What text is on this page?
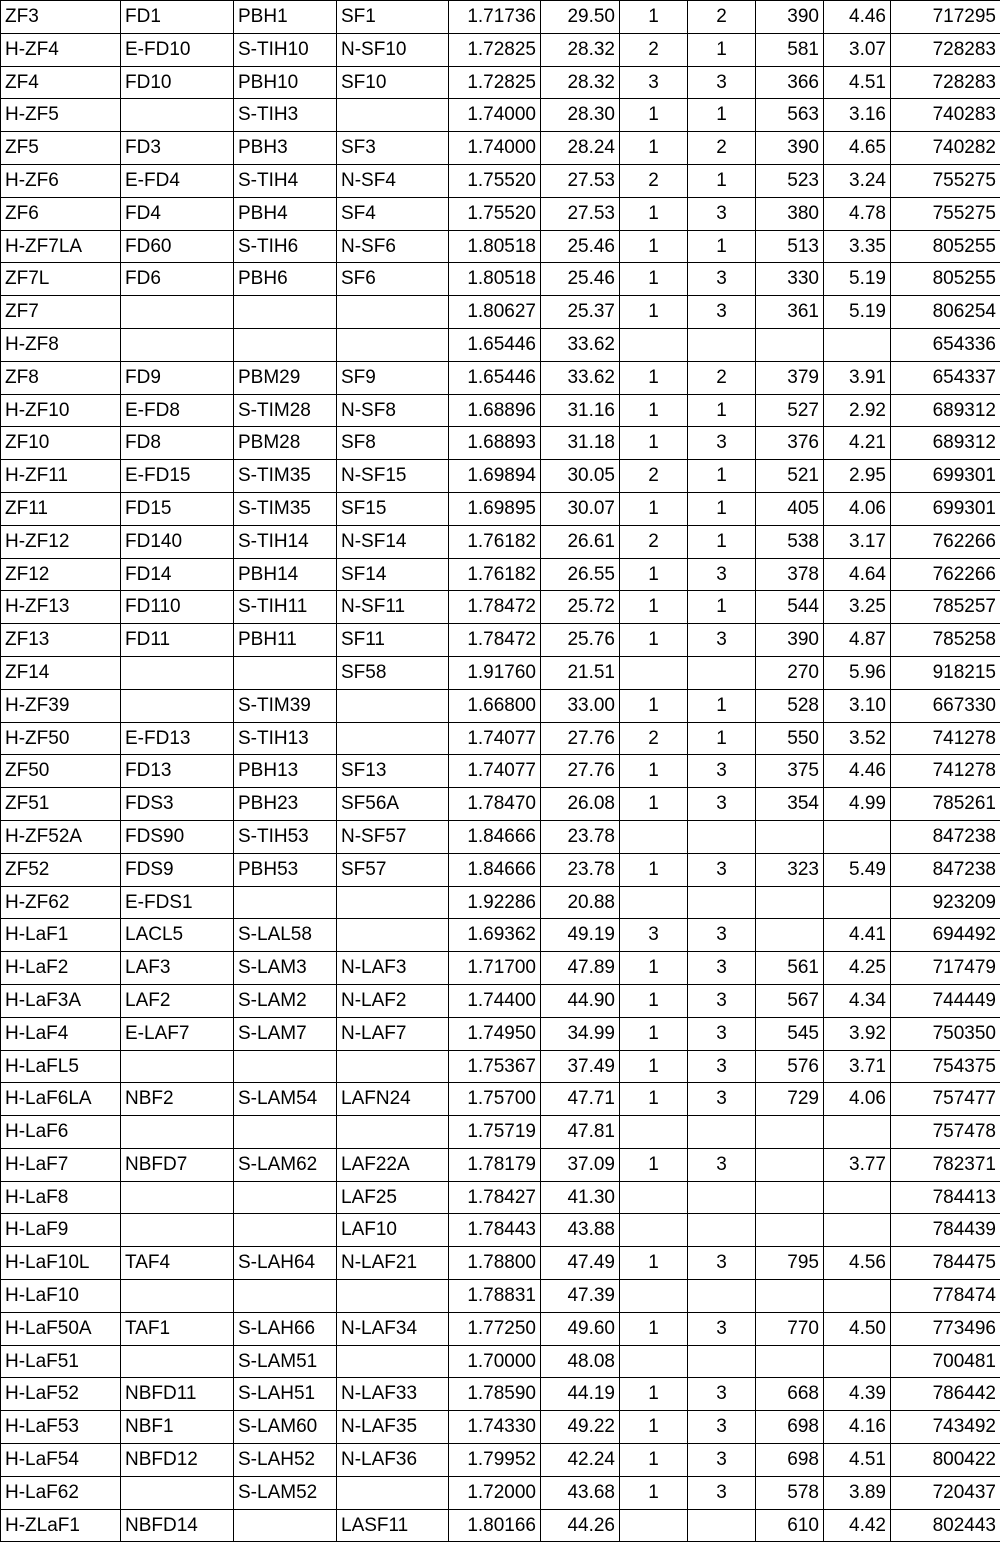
ZF3	FD1	PBH1	SF1	1.71736	29.50	1	2	390	4.46	717295
H-ZF4	E-FD10	S-TIH10	N-SF10	1.72825	28.32	2	1	581	3.07	728283
ZF4	FD10	PBH10	SF10	1.72825	28.32	3	3	366	4.51	728283
H-ZF5		S-TIH3		1.74000	28.30	1	1	563	3.16	740283
ZF5	FD3	PBH3	SF3	1.74000	28.24	1	2	390	4.65	740282
H-ZF6	E-FD4	S-TIH4	N-SF4	1.75520	27.53	2	1	523	3.24	755275
ZF6	FD4	PBH4	SF4	1.75520	27.53	1	3	380	4.78	755275
H-ZF7LA	FD60	S-TIH6	N-SF6	1.80518	25.46	1	1	513	3.35	805255
ZF7L	FD6	PBH6	SF6	1.80518	25.46	1	3	330	5.19	805255
ZF7				1.80627	25.37	1	3	361	5.19	806254
H-ZF8				1.65446	33.62					654336
ZF8	FD9	PBM29	SF9	1.65446	33.62	1	2	379	3.91	654337
H-ZF10	E-FD8	S-TIM28	N-SF8	1.68896	31.16	1	1	527	2.92	689312
ZF10	FD8	PBM28	SF8	1.68893	31.18	1	3	376	4.21	689312
H-ZF11	E-FD15	S-TIM35	N-SF15	1.69894	30.05	2	1	521	2.95	699301
ZF11	FD15	S-TIM35	SF15	1.69895	30.07	1	1	405	4.06	699301
H-ZF12	FD140	S-TIH14	N-SF14	1.76182	26.61	2	1	538	3.17	762266
ZF12	FD14	PBH14	SF14	1.76182	26.55	1	3	378	4.64	762266
H-ZF13	FD110	S-TIH11	N-SF11	1.78472	25.72	1	1	544	3.25	785257
ZF13	FD11	PBH11	SF11	1.78472	25.76	1	3	390	4.87	785258
ZF14			SF58	1.91760	21.51			270	5.96	918215
H-ZF39		S-TIM39		1.66800	33.00	1	1	528	3.10	667330
H-ZF50	E-FD13	S-TIH13		1.74077	27.76	2	1	550	3.52	741278
ZF50	FD13	PBH13	SF13	1.74077	27.76	1	3	375	4.46	741278
ZF51	FDS3	PBH23	SF56A	1.78470	26.08	1	3	354	4.99	785261
H-ZF52A	FDS90	S-TIH53	N-SF57	1.84666	23.78					847238
ZF52	FDS9	PBH53	SF57	1.84666	23.78	1	3	323	5.49	847238
H-ZF62	E-FDS1			1.92286	20.88					923209
H-LaF1	LACL5	S-LAL58		1.69362	49.19	3	3		4.41	694492
H-LaF2	LAF3	S-LAM3	N-LAF3	1.71700	47.89	1	3	561	4.25	717479
H-LaF3A	LAF2	S-LAM2	N-LAF2	1.74400	44.90	1	3	567	4.34	744449
H-LaF4	E-LAF7	S-LAM7	N-LAF7	1.74950	34.99	1	3	545	3.92	750350
H-LaFL5				1.75367	37.49	1	3	576	3.71	754375
H-LaF6LA	NBF2	S-LAM54	LAFN24	1.75700	47.71	1	3	729	4.06	757477
H-LaF6				1.75719	47.81					757478
H-LaF7	NBFD7	S-LAM62	LAF22A	1.78179	37.09	1	3		3.77	782371
H-LaF8			LAF25	1.78427	41.30					784413
H-LaF9			LAF10	1.78443	43.88					784439
H-LaF10L	TAF4	S-LAH64	N-LAF21	1.78800	47.49	1	3	795	4.56	784475
H-LaF10				1.78831	47.39					778474
H-LaF50A	TAF1	S-LAH66	N-LAF34	1.77250	49.60	1	3	770	4.50	773496
H-LaF51		S-LAM51		1.70000	48.08					700481
H-LaF52	NBFD11	S-LAH51	N-LAF33	1.78590	44.19	1	3	668	4.39	786442
H-LaF53	NBF1	S-LAM60	N-LAF35	1.74330	49.22	1	3	698	4.16	743492
H-LaF54	NBFD12	S-LAH52	N-LAF36	1.79952	42.24	1	3	698	4.51	800422
H-LaF62		S-LAM52		1.72000	43.68	1	3	578	3.89	720437
H-ZLaF1	NBFD14		LASF11	1.80166	44.26			610	4.42	802443
